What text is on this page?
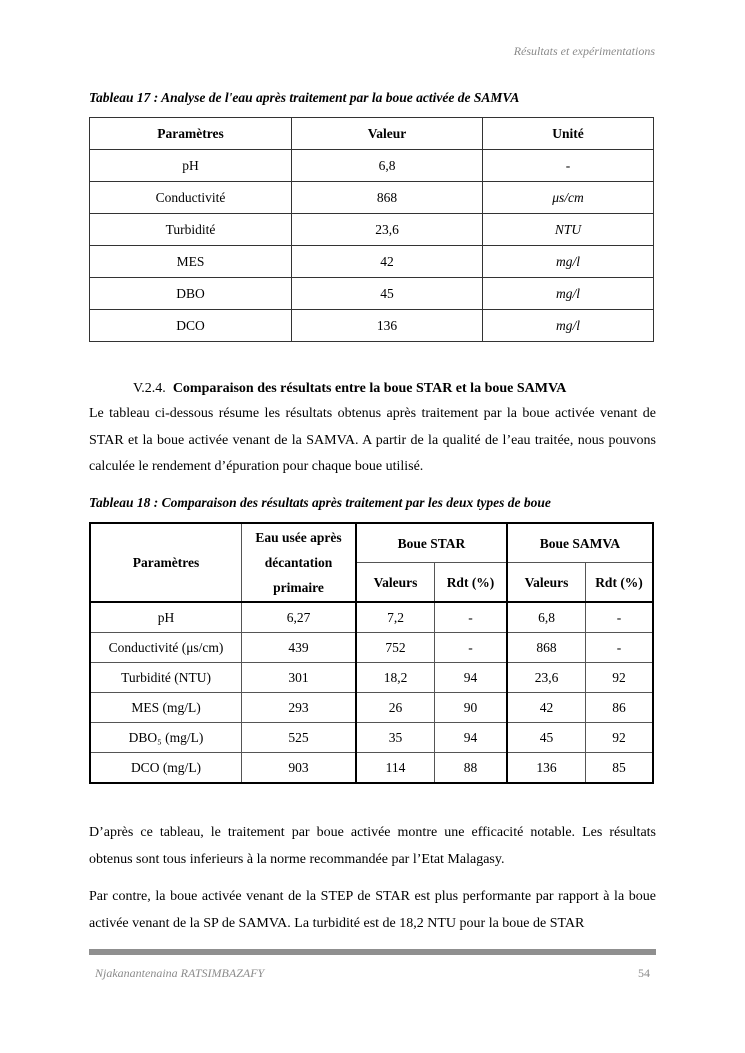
Résultats et expérimentations
Tableau 17 : Analyse de l'eau après traitement par la boue activée de SAMVA
Paramètres	Valeur	Unité
pH	6,8	-
Conductivité	868	μs/cm
Turbidité	23,6	NTU
MES	42	mg/l
DBO	45	mg/l
DCO	136	mg/l
V.2.4. Comparaison des résultats entre la boue STAR et la boue SAMVA
Le tableau ci-dessous résume les résultats obtenus après traitement par la boue activée venant de STAR et la boue activée venant de la SAMVA. A partir de la qualité de l’eau traitée, nous pouvons calculée le rendement d’épuration pour chaque boue utilisé.
Tableau 18 : Comparaison des résultats après traitement par les deux types de boue
Paramètres	Eau usée après décantation primaire	Boue STAR		Boue SAMVA	
		Valeurs	Rdt (%)	Valeurs	Rdt (%)
pH	6,27	7,2	-	6,8	-
Conductivité (μs/cm)	439	752	-	868	-
Turbidité (NTU)	301	18,2	94	23,6	92
MES (mg/L)	293	26	90	42	86
DBO₅ (mg/L)	525	35	94	45	92
DCO (mg/L)	903	114	88	136	85
D’après ce tableau, le traitement par boue activée montre une efficacité notable. Les résultats obtenus sont tous inferieurs à la norme recommandée par l’Etat Malagasy.
Par contre, la boue activée venant de la STEP de STAR est plus performante par rapport à la boue activée venant de la SP de SAMVA. La turbidité est de 18,2 NTU pour la boue de STAR
Njakanantenaina RATSIMBAZAFY	54
